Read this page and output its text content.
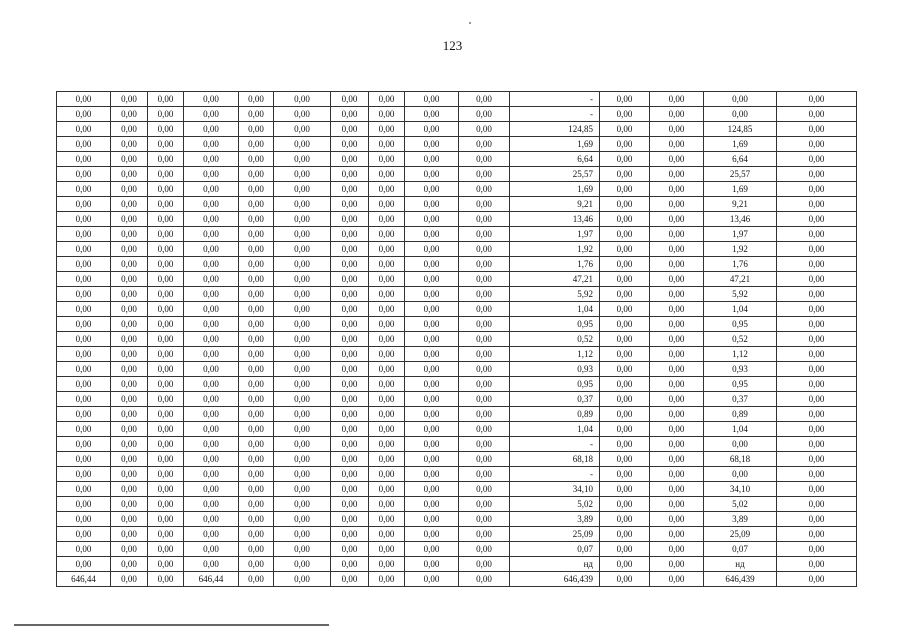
123
0,00	0,00	0,00	0,00	0,00	0,00	0,00	0,00	0,00	0,00	-	0,00	0,00	0,00	0,00
0,00	0,00	0,00	0,00	0,00	0,00	0,00	0,00	0,00	0,00	-	0,00	0,00	0,00	0,00
0,00	0,00	0,00	0,00	0,00	0,00	0,00	0,00	0,00	0,00	124,85	0,00	0,00	124,85	0,00
0,00	0,00	0,00	0,00	0,00	0,00	0,00	0,00	0,00	0,00	1,69	0,00	0,00	1,69	0,00
0,00	0,00	0,00	0,00	0,00	0,00	0,00	0,00	0,00	0,00	6,64	0,00	0,00	6,64	0,00
0,00	0,00	0,00	0,00	0,00	0,00	0,00	0,00	0,00	0,00	25,57	0,00	0,00	25,57	0,00
0,00	0,00	0,00	0,00	0,00	0,00	0,00	0,00	0,00	0,00	1,69	0,00	0,00	1,69	0,00
0,00	0,00	0,00	0,00	0,00	0,00	0,00	0,00	0,00	0,00	9,21	0,00	0,00	9,21	0,00
0,00	0,00	0,00	0,00	0,00	0,00	0,00	0,00	0,00	0,00	13,46	0,00	0,00	13,46	0,00
0,00	0,00	0,00	0,00	0,00	0,00	0,00	0,00	0,00	0,00	1,97	0,00	0,00	1,97	0,00
0,00	0,00	0,00	0,00	0,00	0,00	0,00	0,00	0,00	0,00	1,92	0,00	0,00	1,92	0,00
0,00	0,00	0,00	0,00	0,00	0,00	0,00	0,00	0,00	0,00	1,76	0,00	0,00	1,76	0,00
0,00	0,00	0,00	0,00	0,00	0,00	0,00	0,00	0,00	0,00	47,21	0,00	0,00	47,21	0,00
0,00	0,00	0,00	0,00	0,00	0,00	0,00	0,00	0,00	0,00	5,92	0,00	0,00	5,92	0,00
0,00	0,00	0,00	0,00	0,00	0,00	0,00	0,00	0,00	0,00	1,04	0,00	0,00	1,04	0,00
0,00	0,00	0,00	0,00	0,00	0,00	0,00	0,00	0,00	0,00	0,95	0,00	0,00	0,95	0,00
0,00	0,00	0,00	0,00	0,00	0,00	0,00	0,00	0,00	0,00	0,52	0,00	0,00	0,52	0,00
0,00	0,00	0,00	0,00	0,00	0,00	0,00	0,00	0,00	0,00	1,12	0,00	0,00	1,12	0,00
0,00	0,00	0,00	0,00	0,00	0,00	0,00	0,00	0,00	0,00	0,93	0,00	0,00	0,93	0,00
0,00	0,00	0,00	0,00	0,00	0,00	0,00	0,00	0,00	0,00	0,95	0,00	0,00	0,95	0,00
0,00	0,00	0,00	0,00	0,00	0,00	0,00	0,00	0,00	0,00	0,37	0,00	0,00	0,37	0,00
0,00	0,00	0,00	0,00	0,00	0,00	0,00	0,00	0,00	0,00	0,89	0,00	0,00	0,89	0,00
0,00	0,00	0,00	0,00	0,00	0,00	0,00	0,00	0,00	0,00	1,04	0,00	0,00	1,04	0,00
0,00	0,00	0,00	0,00	0,00	0,00	0,00	0,00	0,00	0,00	-	0,00	0,00	0,00	0,00
0,00	0,00	0,00	0,00	0,00	0,00	0,00	0,00	0,00	0,00	68,18	0,00	0,00	68,18	0,00
0,00	0,00	0,00	0,00	0,00	0,00	0,00	0,00	0,00	0,00	-	0,00	0,00	0,00	0,00
0,00	0,00	0,00	0,00	0,00	0,00	0,00	0,00	0,00	0,00	34,10	0,00	0,00	34,10	0,00
0,00	0,00	0,00	0,00	0,00	0,00	0,00	0,00	0,00	0,00	5,02	0,00	0,00	5,02	0,00
0,00	0,00	0,00	0,00	0,00	0,00	0,00	0,00	0,00	0,00	3,89	0,00	0,00	3,89	0,00
0,00	0,00	0,00	0,00	0,00	0,00	0,00	0,00	0,00	0,00	25,09	0,00	0,00	25,09	0,00
0,00	0,00	0,00	0,00	0,00	0,00	0,00	0,00	0,00	0,00	0,07	0,00	0,00	0,07	0,00
0,00	0,00	0,00	0,00	0,00	0,00	0,00	0,00	0,00	0,00	нд	0,00	0,00	нд	0,00
646,44	0,00	0,00	646,44	0,00	0,00	0,00	0,00	0,00	0,00	646,439	0,00	0,00	646,439	0,00
